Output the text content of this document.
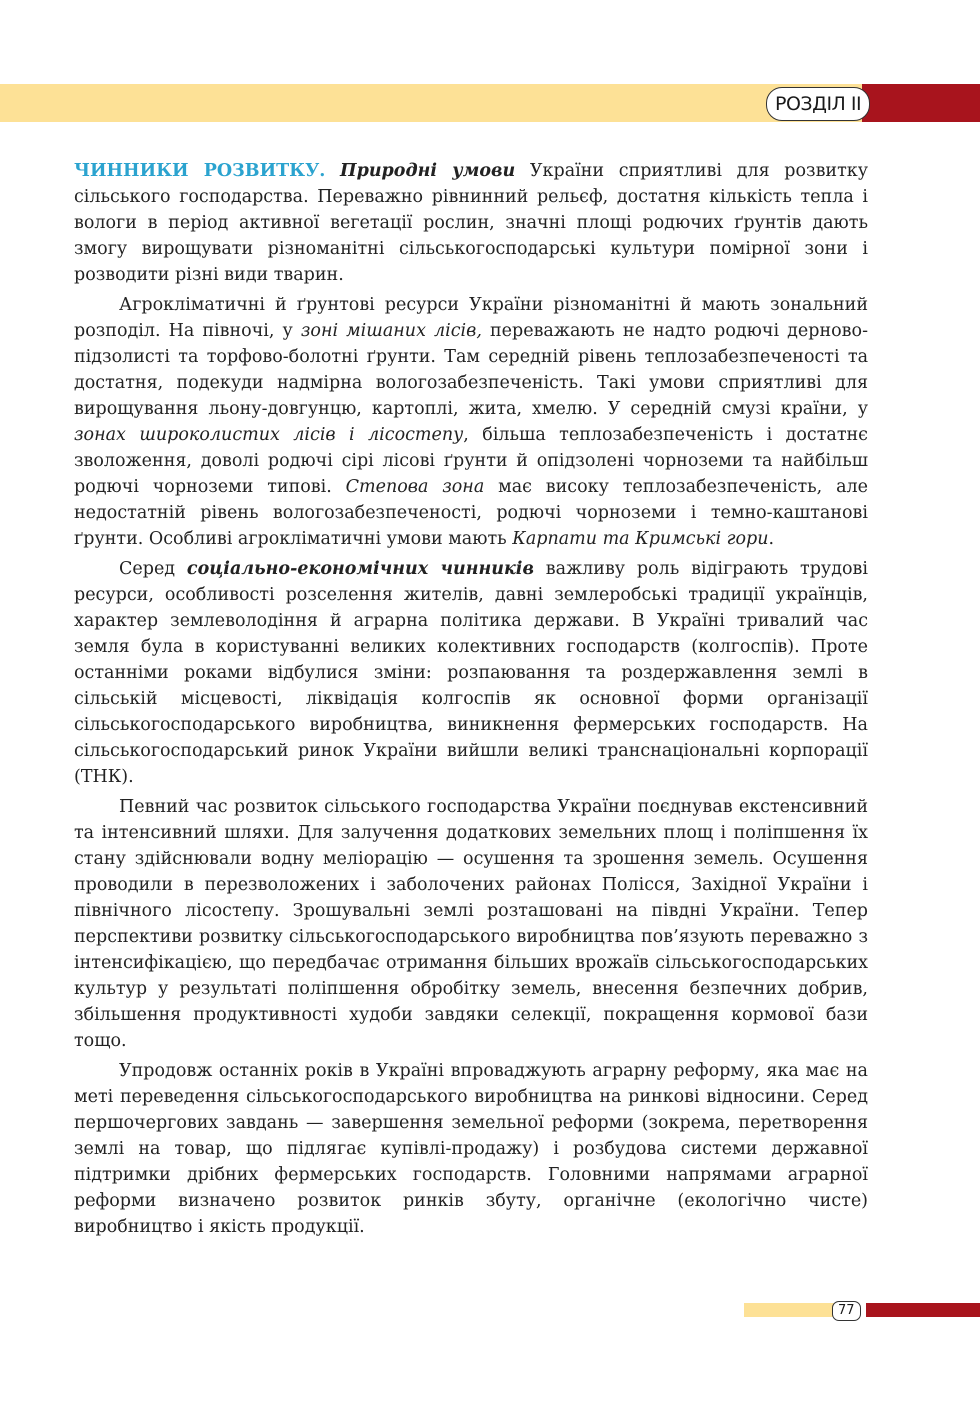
РОЗДІЛ ІІ

ЧИННИКИ РОЗВИТКУ. Природні умови України сприятливі для розвитку сільського господарства. Переважно рівнинний рельєф, достатня кількість тепла і вологи в період активної вегетації рослин, значні площі родючих ґрунтів дають змогу вирощувати різноманітні сільськогосподарські культури помірної зони і розводити різні види тварин.

Агрокліматичні й ґрунтові ресурси України різноманітні й мають зональний розподіл. На півночі, у зоні мішаних лісів, переважають не надто родючі дерново-підзолисті та торфово-болотні ґрунти. Там середній рівень теплозабезпеченості та достатня, подекуди надмірна вологозабезпеченість. Такі умови сприятливі для вирощування льону-довгунцю, картоплі, жита, хмелю. У середній смузі країни, у зонах широколистих лісів і лісостепу, більша теплозабезпеченість і достатнє зволоження, доволі родючі сірі лісові ґрунти й опідзолені чорноземи та найбільш родючі чорноземи типові. Степова зона має високу теплозабезпеченість, але недостатній рівень вологозабезпеченості, родючі чорноземи і темно-каштанові ґрунти. Особливі агрокліматичні умови мають Карпати та Кримські гори.

Серед соціально-економічних чинників важливу роль відіграють трудові ресурси, особливості розселення жителів, давні землеробські традиції українців, характер землеволодіння й аграрна політика держави. В Україні тривалий час земля була в користуванні великих колективних господарств (колгоспів). Проте останніми роками відбулися зміни: розпаювання та роздержавлення землі в сільській місцевості, ліквідація колгоспів як основної форми організації сільськогосподарського виробництва, виникнення фермерських господарств. На сільськогосподарський ринок України вийшли великі транснаціональні корпорації (ТНК).

Певний час розвиток сільського господарства України поєднував екстенсивний та інтенсивний шляхи. Для залучення додаткових земельних площ і поліпшення їх стану здійснювали водну меліорацію — осушення та зрошення земель. Осушення проводили в перезволожених і заболочених районах Полісся, Західної України і північного лісостепу. Зрошувальні землі розташовані на півдні України. Тепер перспективи розвитку сільськогосподарського виробництва пов’язують переважно з інтенсифікацією, що передбачає отримання більших врожаїв сільськогосподарських культур у результаті поліпшення обробітку земель, внесення безпечних добрив, збільшення продуктивності худоби завдяки селекції, покращення кормової бази тощо.

Упродовж останніх років в Україні впроваджують аграрну реформу, яка має на меті переведення сільськогосподарського виробництва на ринкові відносини. Серед першочергових завдань — завершення земельної реформи (зокрема, перетворення землі на товар, що підлягає купівлі-продажу) і розбудова системи державної підтримки дрібних фермерських господарств. Головними напрямами аграрної реформи визначено розвиток ринків збуту, органічне (екологічно чисте) виробництво і якість продукції.

77
